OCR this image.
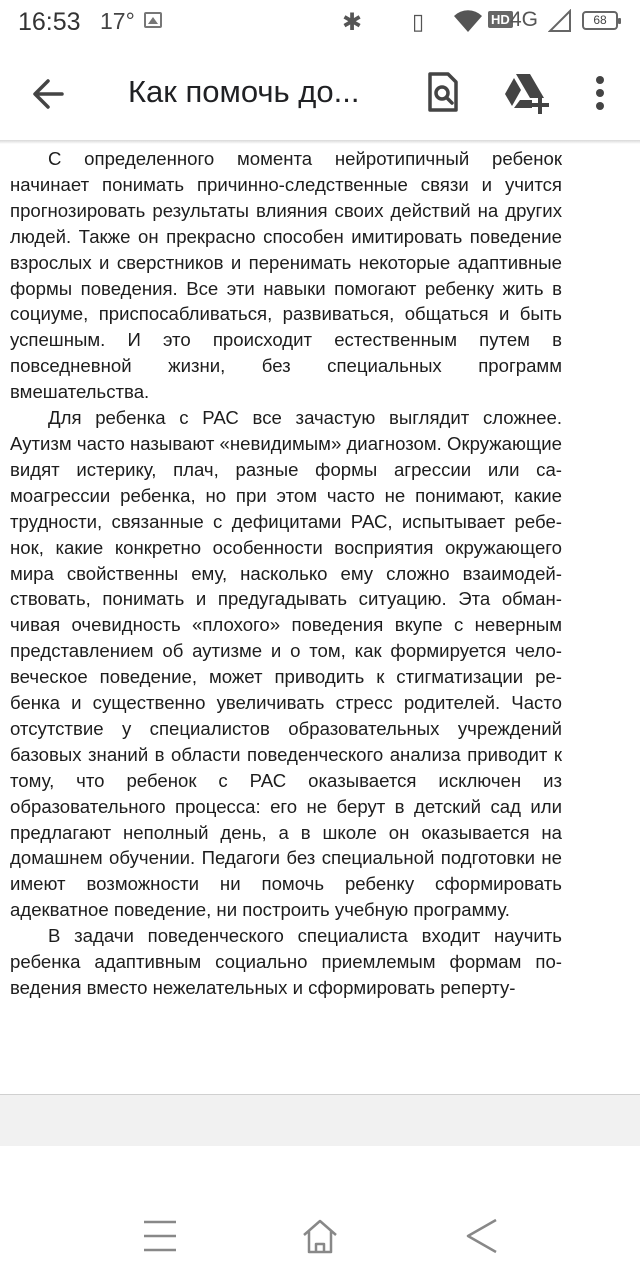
16:53 17°	✱ ▯	HD 4G	68
Как помочь до...

С определенного момента нейротипичный ребенок начинает понимать причинно-следственные связи и учится прогнозировать результаты влияния своих действий на других людей. Также он прекрасно способен имитировать поведение взрослых и сверстников и перенимать некоторые адаптивные формы поведения. Все эти навыки помогают ребенку жить в социуме, приспосабливаться, развиваться, общаться и быть успешным. И это происходит естественным путем в повседневной жизни, без специальных программ вмешательства.

Для ребенка с РАС все зачастую выглядит сложнее. Аутизм часто называют «невидимым» диагнозом. Окружающие видят истерику, плач, разные формы агрессии или самоагрессии ребенка, но при этом часто не понимают, какие трудности, связанные с дефицитами РАС, испытывает ребенок, какие конкретно особенности восприятия окружающего мира свойственны ему, насколько ему сложно взаимодействовать, понимать и предугадывать ситуацию. Эта обманчивая очевидность «плохого» поведения вкупе с неверным представлением об аутизме и о том, как формируется человеческое поведение, может приводить к стигматизации ребенка и существенно увеличивать стресс родителей. Часто отсутствие у специалистов образовательных учреждений базовых знаний в области поведенческого анализа приводит к тому, что ребенок с РАС оказывается исключен из образовательного процесса: его не берут в детский сад или предлагают неполный день, а в школе он оказывается на домашнем обучении. Педагоги без специальной подготовки не имеют возможности ни помочь ребенку сформировать адекватное поведение, ни построить учебную программу.

В задачи поведенческого специалиста входит научить ребенка адаптивным социально приемлемым формам поведения вместо нежелательных и сформировать реперту-
